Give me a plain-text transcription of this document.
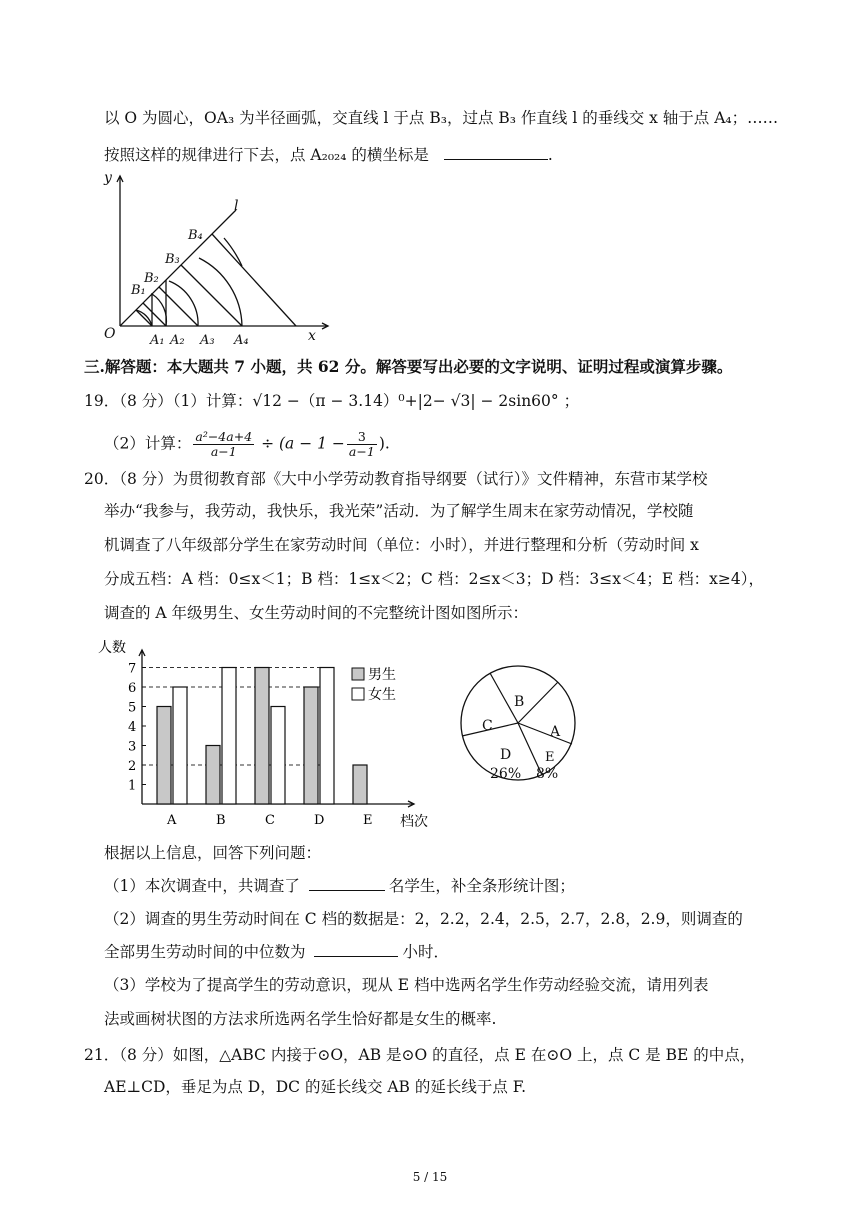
以 O 为圆心，OA₃ 为半径画弧，交直线 l 于点 B₃，过点 B₃ 作直线 l 的垂线交 x 轴于点 A₄；……
按照这样的规律进行下去，点 A₂₀₂₄ 的横坐标是	.
y
x
O
l
B₁
B₂
B₃
B₄
A₁ A₂ A₃ A₄
三.解答题：本大题共 7 小题，共 62 分。解答要写出必要的文字说明、证明过程或演算步骤。
19．（8 分）（1）计算：√12 −（π − 3.14）⁰+|2− √3| − 2sin60° ；
（2）计算： $\frac{\text{a²−4a+4}}{a-1} \div (a - 1 - \frac{3}{a-1}$ ).
20．（8 分）为贯彻教育部《大中小学劳动教育指导纲要（试行）》文件精神，东营市某学校
举办“我参与，我劳动，我快乐，我光荣”活动．为了解学生周末在家劳动情况，学校随
机调查了八年级部分学生在家劳动时间（单位：小时），并进行整理和分析（劳动时间 x
分成五档：A 档：0≤x＜1；B 档：1≤x＜2；C 档：2≤x＜3；D 档：3≤x＜4；E 档：x≥4），
调查的 A 年级男生、女生劳动时间的不完整统计图如图所示：
人数
档次
1
2
3
4
5
6
7
A	B	C	D	E
男生
女生	B
A
E
8%
D
26%
C
根据以上信息，回答下列问题：
（1）本次调查中，共调查了	名学生，补全条形统计图；
（2）调查的男生劳动时间在 C 档的数据是：2，2.2，2.4，2.5，2.7，2.8，2.9，则调查的
全部男生劳动时间的中位数为	小时．
（3）学校为了提高学生的劳动意识，现从 E 档中选两名学生作劳动经验交流，请用列表
法或画树状图的方法求所选两名学生恰好都是女生的概率.
21．（8 分）如图，△ABC 内接于⊙O，AB 是⊙O 的直径，点 E 在⊙O 上，点 C 是 BE 的中点，
AE⊥CD，垂足为点 D，DC 的延长线交 AB 的延长线于点 F.
5 / 15
